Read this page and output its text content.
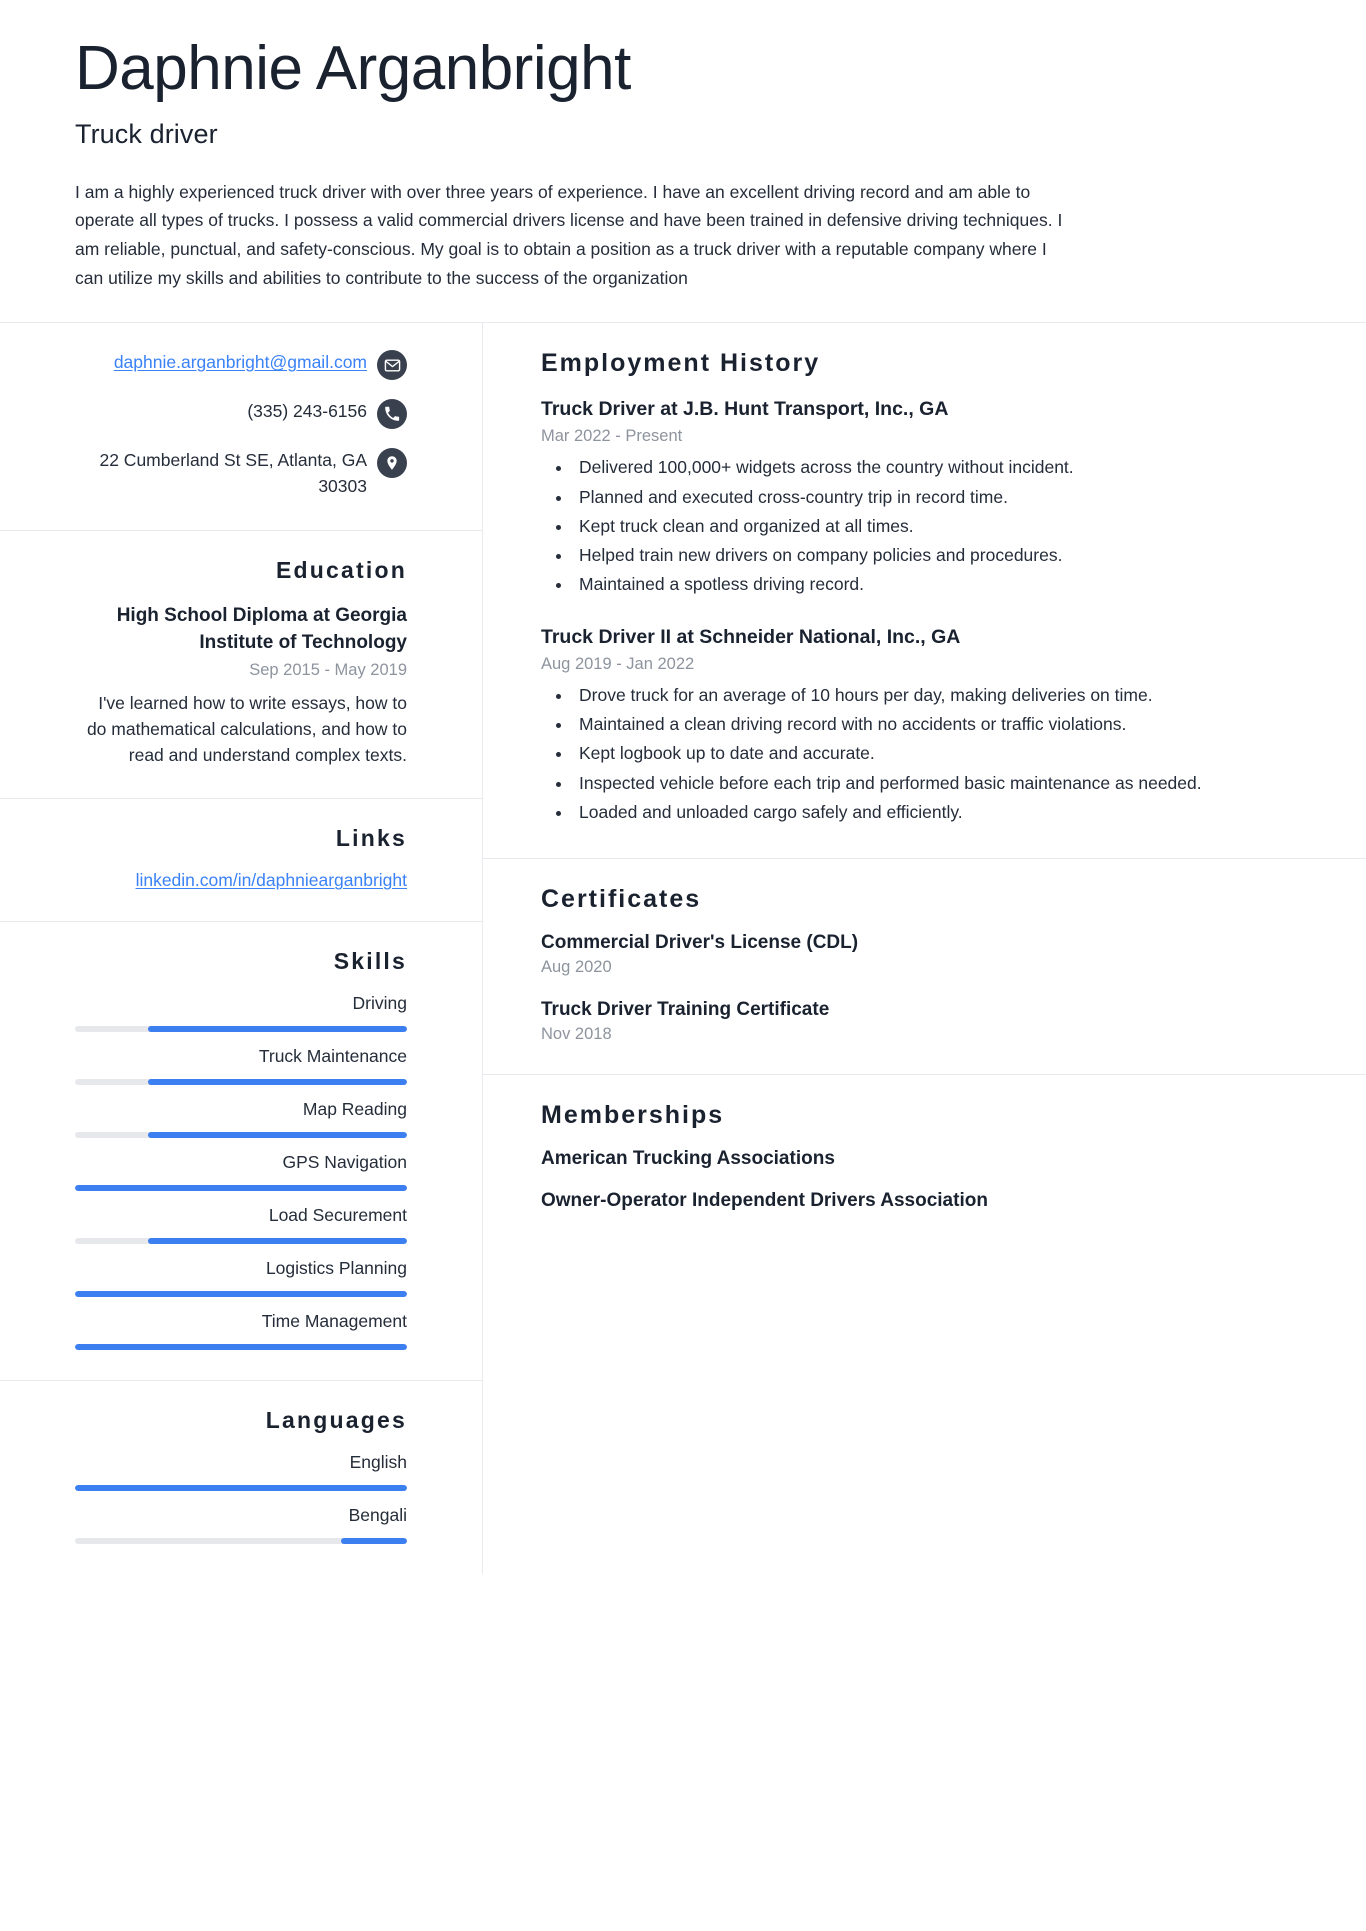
Daphnie Arganbright
Truck driver
I am a highly experienced truck driver with over three years of experience. I have an excellent driving record and am able to operate all types of trucks. I possess a valid commercial drivers license and have been trained in defensive driving techniques. I am reliable, punctual, and safety-conscious. My goal is to obtain a position as a truck driver with a reputable company where I can utilize my skills and abilities to contribute to the success of the organization
daphnie.arganbright@gmail.com
(335) 243-6156
22 Cumberland St SE, Atlanta, GA 30303
Education
High School Diploma at Georgia Institute of Technology
Sep 2015 - May 2019
I've learned how to write essays, how to do mathematical calculations, and how to read and understand complex texts.
Links
linkedin.com/in/daphniearganbright
Skills
Driving
Truck Maintenance
Map Reading
GPS Navigation
Load Securement
Logistics Planning
Time Management
Languages
English
Bengali
Employment History
Truck Driver at J.B. Hunt Transport, Inc., GA
Mar 2022 - Present
• Delivered 100,000+ widgets across the country without incident.
• Planned and executed cross-country trip in record time.
• Kept truck clean and organized at all times.
• Helped train new drivers on company policies and procedures.
• Maintained a spotless driving record.
Truck Driver II at Schneider National, Inc., GA
Aug 2019 - Jan 2022
• Drove truck for an average of 10 hours per day, making deliveries on time.
• Maintained a clean driving record with no accidents or traffic violations.
• Kept logbook up to date and accurate.
• Inspected vehicle before each trip and performed basic maintenance as needed.
• Loaded and unloaded cargo safely and efficiently.
Certificates
Commercial Driver's License (CDL)
Aug 2020
Truck Driver Training Certificate
Nov 2018
Memberships
American Trucking Associations
Owner-Operator Independent Drivers Association
